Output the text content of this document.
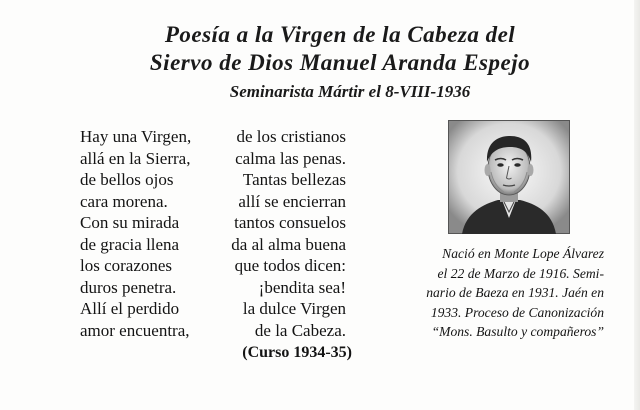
Poesía a la Virgen de la Cabeza del
Siervo de Dios Manuel Aranda Espejo
Seminarista Mártir el 8-VIII-1936
Hay una Virgen,
allá en la Sierra,
de bellos ojos
cara morena.
Con su mirada
de gracia llena
los corazones
duros penetra.
Allí el perdido
amor encuentra,
de los cristianos
calma las penas.
Tantas bellezas
allí se encierran
tantos consuelos
da al alma buena
que todos dicen:
¡bendita sea!
la dulce Virgen
de la Cabeza.
(Curso 1934-35)
Nació en Monte Lope Álvarez
el 22 de Marzo de 1916. Semi-
nario de Baeza en 1931. Jaén en
1933. Proceso de Canonización
“Mons. Basulto y compañeros”
